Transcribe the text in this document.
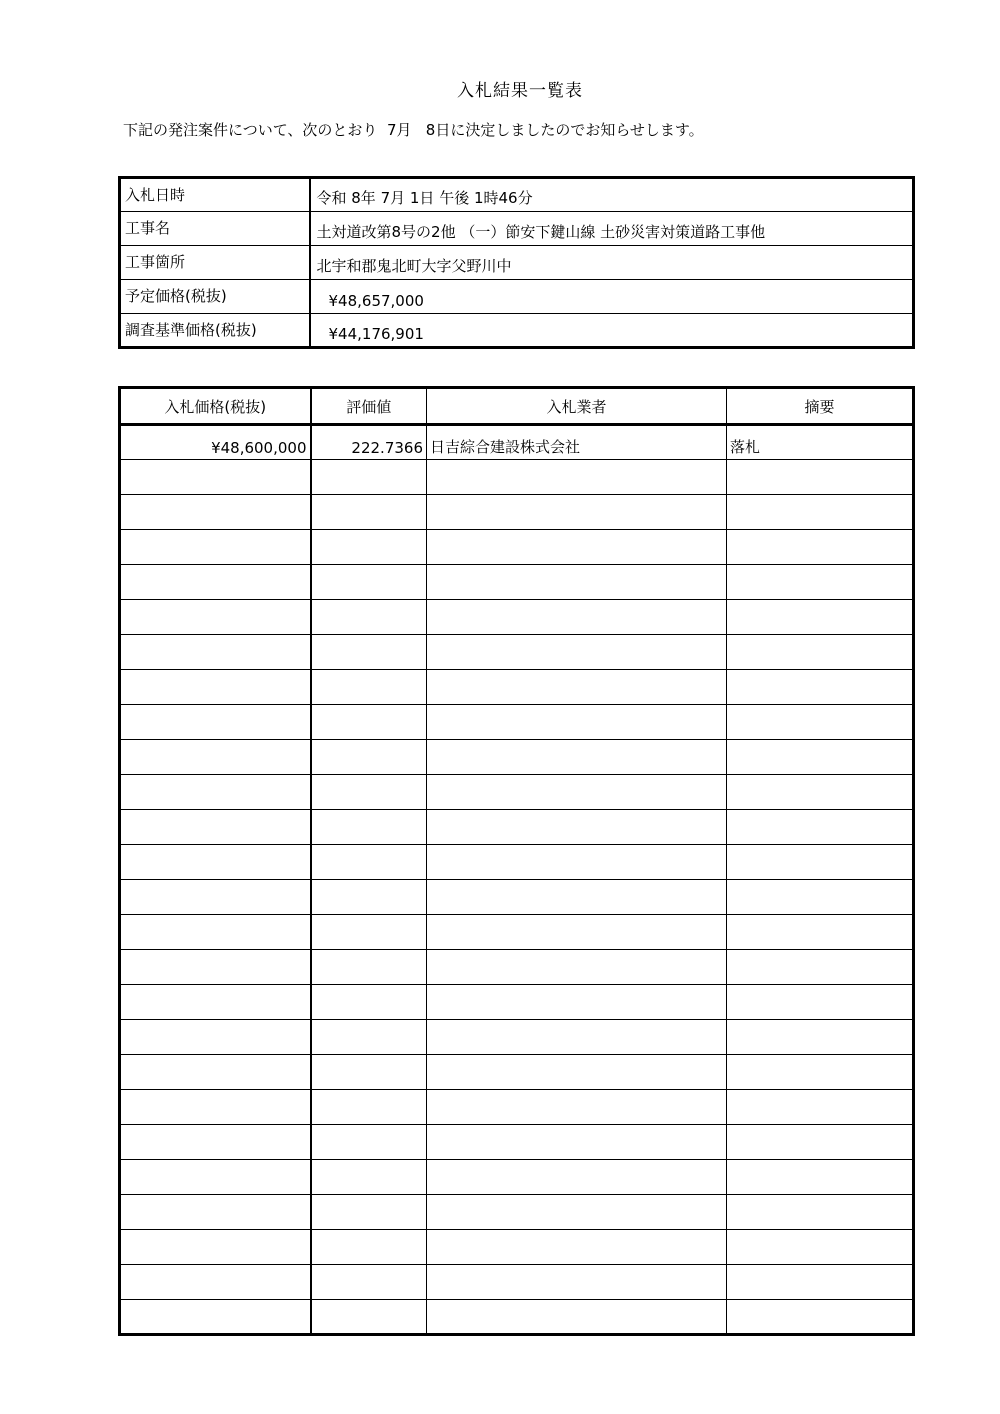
入札結果一覧表
下記の発注案件について、次のとおり  7月   8日に決定しましたのでお知らせします。
入札日時	令和 8年 7月 1日 午後 1時46分
工事名	土対道改第8号の2他 （一）節安下鍵山線 土砂災害対策道路工事他
工事箇所	北宇和郡鬼北町大字父野川中
予定価格(税抜)	¥48,657,000
調査基準価格(税抜)	¥44,176,901
入札価格(税抜)	評価値	入札業者	摘要
¥48,600,000	222.7366	日吉綜合建設株式会社	落札
